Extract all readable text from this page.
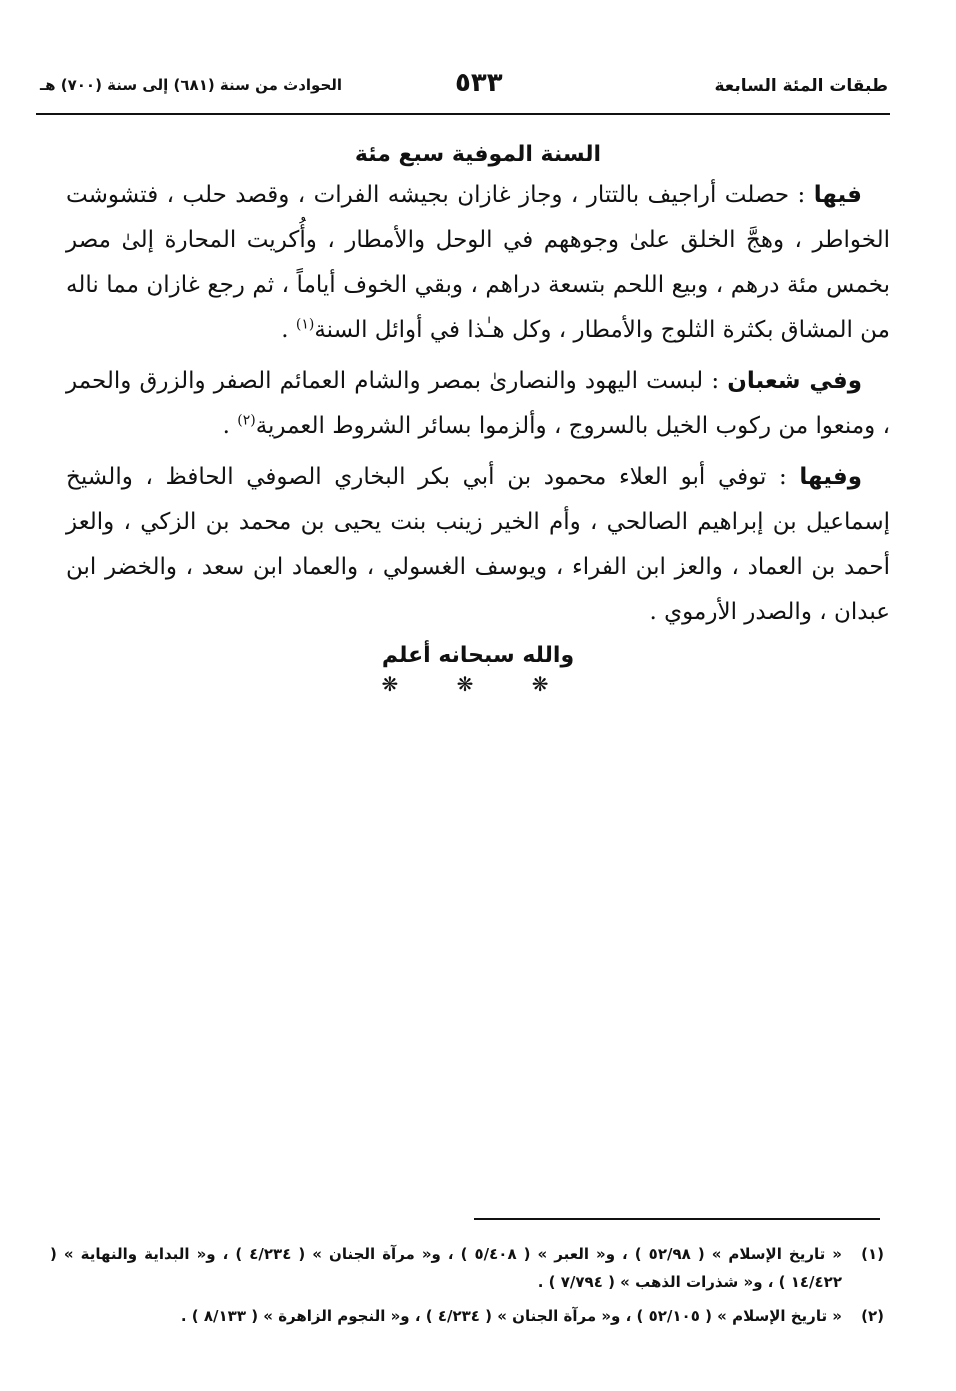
طبقات المئة السابعة
٥٣٣
الحوادث من سنة (٦٨١) إلى سنة (٧٠٠) هـ
السنة الموفية سبع مئة

فيها : حصلت أراجيف بالتتار ، وجاز غازان بجيشه الفرات ، وقصد حلب ، فتشوشت الخواطر ، وهجَّ الخلق علىٰ وجوههم في الوحل والأمطار ، وأُكريت المحارة إلىٰ مصر بخمس مئة درهم ، وبيع اللحم بتسعة دراهم ، وبقي الخوف أياماً ، ثم رجع غازان مما ناله من المشاق بكثرة الثلوج والأمطار ، وكل هـٰذا في أوائل السنة$^{(١)}$ .

وفي شعبان : لبست اليهود والنصارىٰ بمصر والشام العمائم الصفر والزرق والحمر ، ومنعوا من ركوب الخيل بالسروج ، وألزموا بسائر الشروط العمرية$^{(٢)}$ .

وفيها : توفي أبو العلاء محمود بن أبي بكر البخاري الصوفي الحافظ ، والشيخ إسماعيل بن إبراهيم الصالحي ، وأم الخير زينب بنت يحيى بن محمد بن الزكي ، والعز أحمد بن العماد ، والعز ابن الفراء ، ويوسف الغسولي ، والعماد ابن سعد ، والخضر ابن عبدان ، والصدر الأرموي .

والله سبحانه أعلم
❋ ❋ ❋
(١)
« تاريخ الإسلام » ( ٥٢/٩٨ ) ، و« العبر » ( ٥/٤٠٨ ) ، و« مرآة الجنان » ( ٤/٢٣٤ ) ، و« البداية والنهاية » ( ١٤/٤٢٢ ) ، و« شذرات الذهب » ( ٧/٧٩٤ ) .
(٢)
« تاريخ الإسلام » ( ٥٢/١٠٥ ) ، و« مرآة الجنان » ( ٤/٢٣٤ ) ، و« النجوم الزاهرة » ( ٨/١٣٣ ) .
